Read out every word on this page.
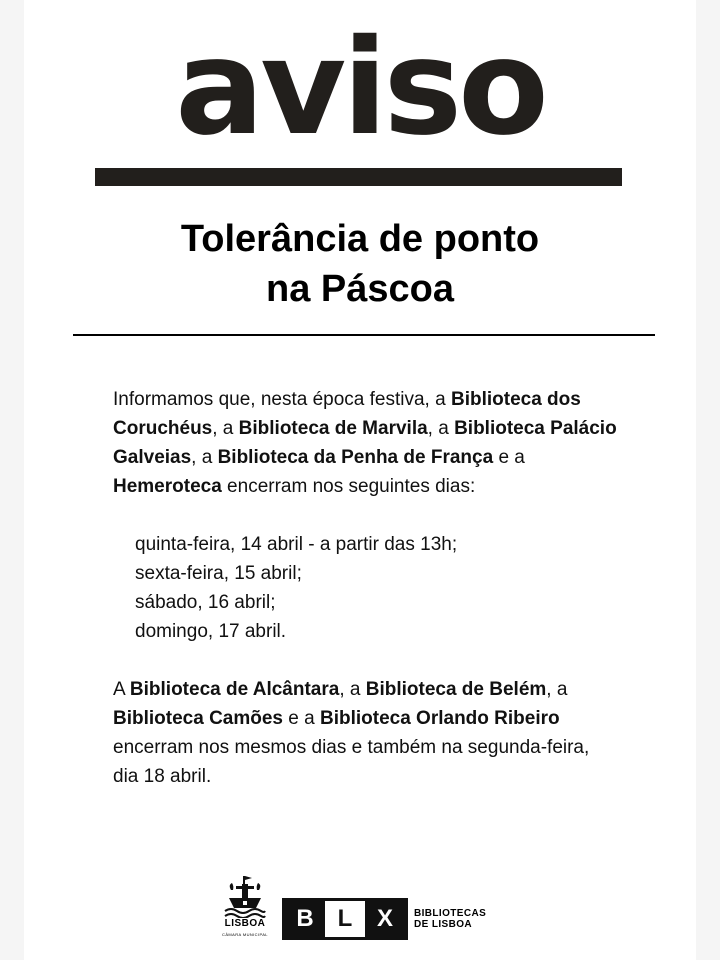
aviso
Tolerância de ponto
na Páscoa

Informamos que, nesta época festiva, a Biblioteca dos Coruchéus, a Biblioteca de Marvila, a Biblioteca Palácio Galveias, a Biblioteca da Penha de França e a Hemeroteca encerram nos seguintes dias:

quinta-feira, 14 abril - a partir das 13h;
sexta-feira, 15 abril;
sábado, 16 abril;
domingo, 17 abril.

A Biblioteca de Alcântara, a Biblioteca de Belém, a Biblioteca Camões e a Biblioteca Orlando Ribeiro encerram nos mesmos dias e também na segunda-feira, dia 18 abril.

LISBOA
CÂMARA MUNICIPAL
B L	X	BIBLIOTECAS
DE LISBOA
